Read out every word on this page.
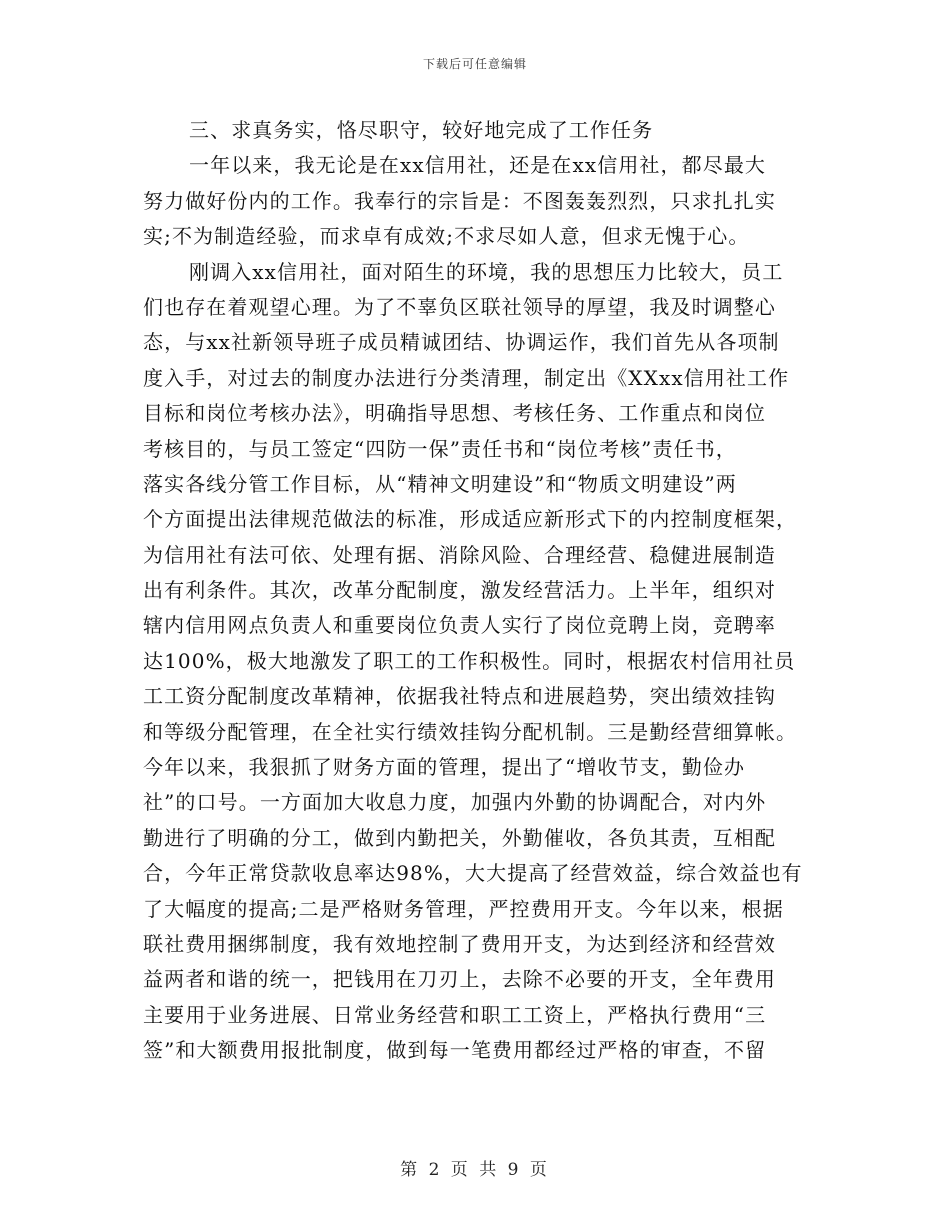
下载后可任意编辑
三、求真务实，恪尽职守，较好地完成了工作任务
一年以来，我无论是在xx信用社，还是在xx信用社，都尽最大
努力做好份内的工作。我奉行的宗旨是：不图轰轰烈烈，只求扎扎实
实;不为制造经验，而求卓有成效;不求尽如人意，但求无愧于心。
刚调入xx信用社，面对陌生的环境，我的思想压力比较大，员工
们也存在着观望心理。为了不辜负区联社领导的厚望，我及时调整心
态，与xx社新领导班子成员精诚团结、协调运作，我们首先从各项制
度入手，对过去的制度办法进行分类清理，制定出《XXxx信用社工作
目标和岗位考核办法》，明确指导思想、考核任务、工作重点和岗位
考核目的，与员工签定“四防一保”责任书和“岗位考核”责任书，
落实各线分管工作目标，从“精神文明建设”和“物质文明建设”两
个方面提出法律规范做法的标准，形成适应新形式下的内控制度框架，
为信用社有法可依、处理有据、消除风险、合理经营、稳健进展制造
出有利条件。其次，改革分配制度，激发经营活力。上半年，组织对
辖内信用网点负责人和重要岗位负责人实行了岗位竞聘上岗，竞聘率
达100%，极大地激发了职工的工作积极性。同时，根据农村信用社员
工工资分配制度改革精神，依据我社特点和进展趋势，突出绩效挂钩
和等级分配管理，在全社实行绩效挂钩分配机制。三是勤经营细算帐。
今年以来，我狠抓了财务方面的管理，提出了“增收节支，勤俭办
社”的口号。一方面加大收息力度，加强内外勤的协调配合，对内外
勤进行了明确的分工，做到内勤把关，外勤催收，各负其责，互相配
合，今年正常贷款收息率达98%，大大提高了经营效益，综合效益也有
了大幅度的提高;二是严格财务管理，严控费用开支。今年以来，根据
联社费用捆绑制度，我有效地控制了费用开支，为达到经济和经营效
益两者和谐的统一，把钱用在刀刃上，去除不必要的开支，全年费用
主要用于业务进展、日常业务经营和职工工资上，严格执行费用“三
签”和大额费用报批制度，做到每一笔费用都经过严格的审查，不留
第 2 页 共 9 页
